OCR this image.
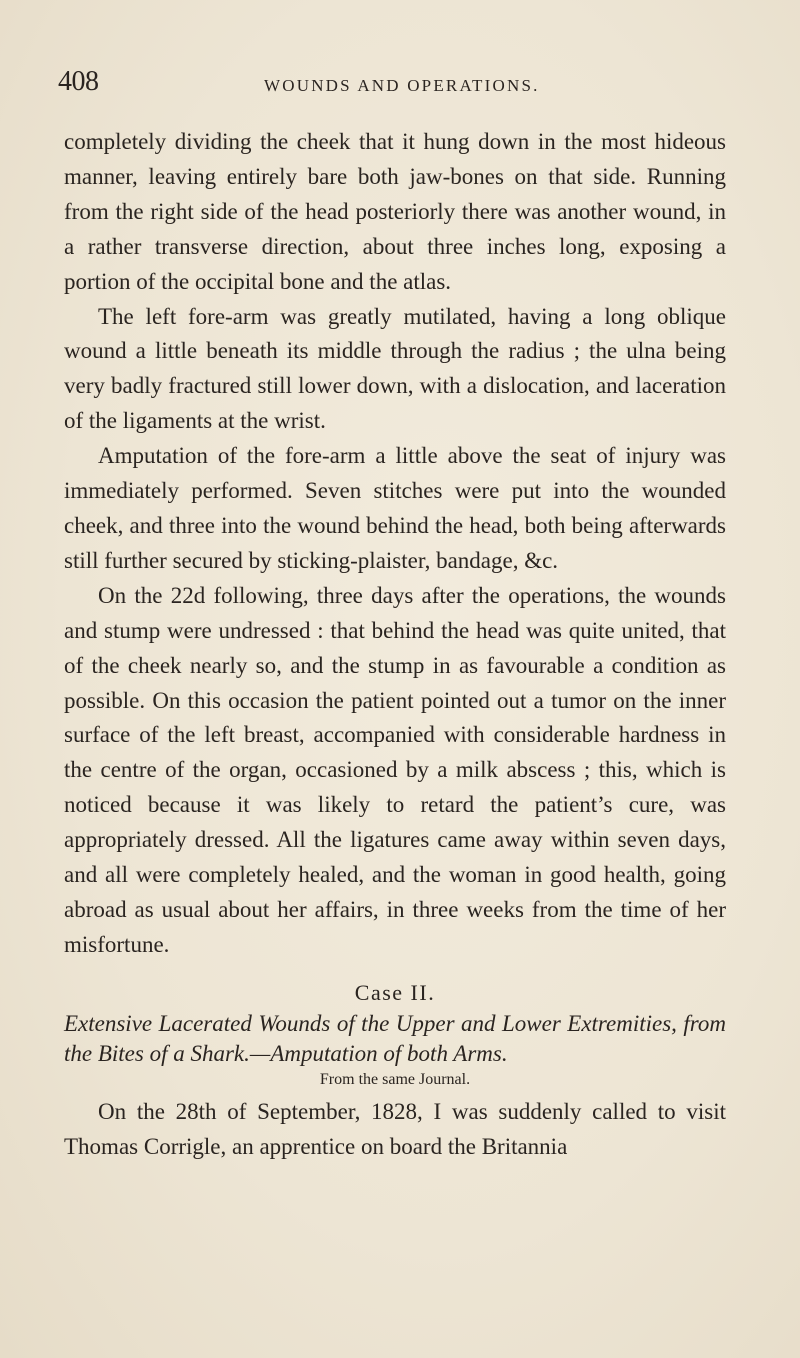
408	WOUNDS AND OPERATIONS.

completely dividing the cheek that it hung down in the most hideous manner, leaving entirely bare both jaw-bones on that side. Running from the right side of the head posteriorly there was another wound, in a rather transverse direction, about three inches long, exposing a portion of the occipital bone and the atlas.

The left fore-arm was greatly mutilated, having a long oblique wound a little beneath its middle through the radius ; the ulna being very badly fractured still lower down, with a dislocation, and laceration of the ligaments at the wrist.

Amputation of the fore-arm a little above the seat of injury was immediately performed. Seven stitches were put into the wounded cheek, and three into the wound behind the head, both being afterwards still further secured by sticking-plaister, bandage, &c.

On the 22d following, three days after the operations, the wounds and stump were undressed : that behind the head was quite united, that of the cheek nearly so, and the stump in as favourable a condition as possible. On this occasion the patient pointed out a tumor on the inner surface of the left breast, accompanied with considerable hardness in the centre of the organ, occasioned by a milk abscess ; this, which is noticed because it was likely to retard the patient’s cure, was appropriately dressed. All the ligatures came away within seven days, and all were completely healed, and the woman in good health, going abroad as usual about her affairs, in three weeks from the time of her misfortune.

Case II.

Extensive Lacerated Wounds of the Upper and Lower Extremities, from the Bites of a Shark.—Amputation of both Arms.

From the same Journal.

On the 28th of September, 1828, I was suddenly called to visit Thomas Corrigle, an apprentice on board the Britannia
